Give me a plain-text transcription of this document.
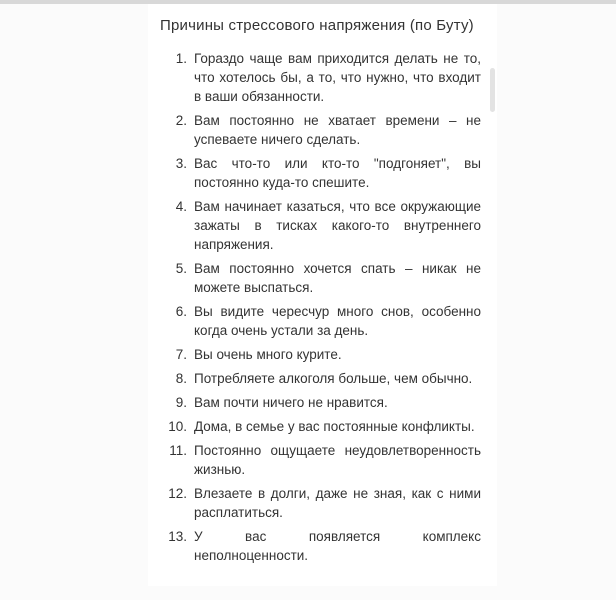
Причины стрессового напряжения (по Буту)
1. Гораздо чаще вам приходится делать не то, что хотелось бы, а то, что нужно, что входит в ваши обязанности.
2. Вам постоянно не хватает времени – не успеваете ничего сделать.
3. Вас что-то или кто-то "подгоняет", вы постоянно куда-то спешите.
4. Вам начинает казаться, что все окружающие зажаты в тисках какого-то внутреннего напряжения.
5. Вам постоянно хочется спать – никак не можете выспаться.
6. Вы видите чересчур много снов, особенно когда очень устали за день.
7. Вы очень много курите.
8. Потребляете алкоголя больше, чем обычно.
9. Вам почти ничего не нравится.
10. Дома, в семье у вас постоянные конфликты.
11. Постоянно ощущаете неудовлетворенность жизнью.
12. Влезаете в долги, даже не зная, как с ними расплатиться.
13. У вас появляется комплекс неполноценности.
